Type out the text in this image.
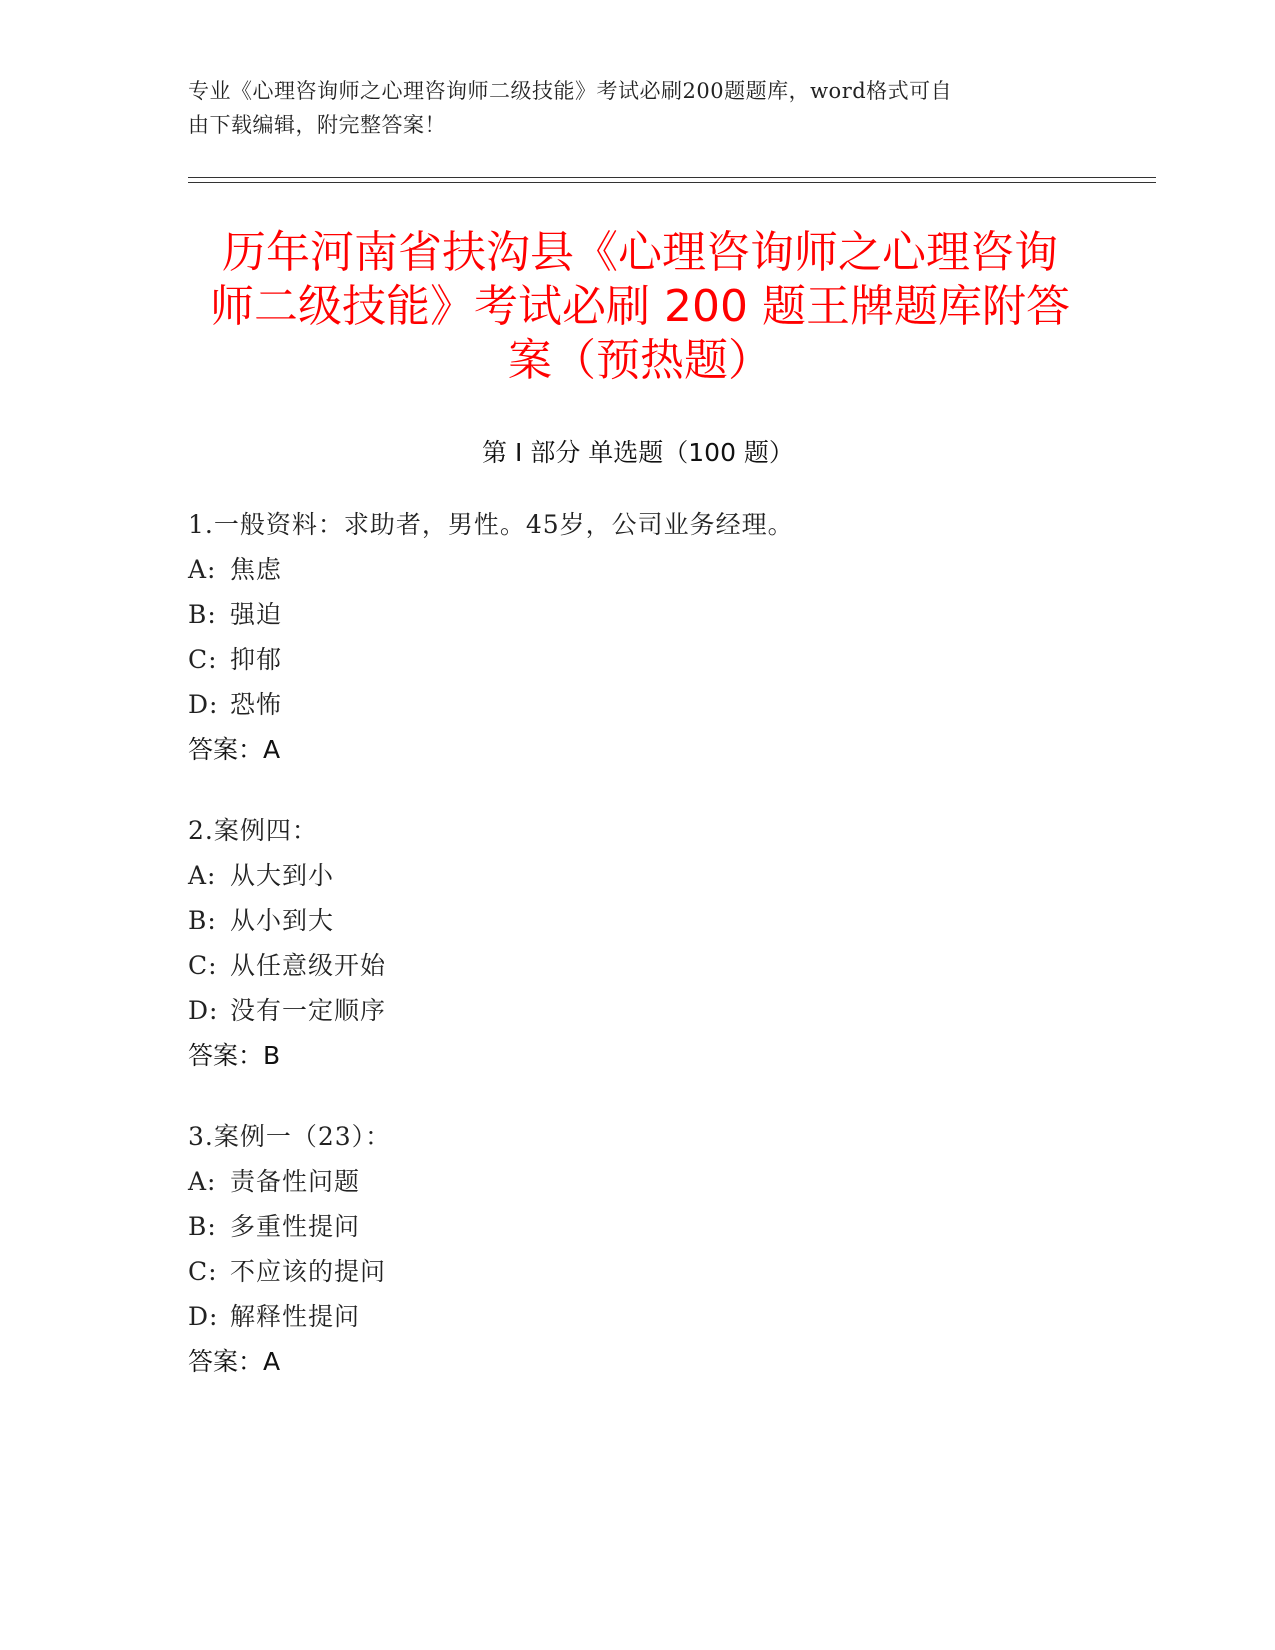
专业《心理咨询师之心理咨询师二级技能》考试必刷200题题库，word格式可自
由下载编辑，附完整答案！
历年河南省扶沟县《心理咨询师之心理咨询
师二级技能》考试必刷 200 题王牌题库附答
案（预热题）
第 I 部分 单选题（100 题）
1.一般资料：求助者，男性。45岁，公司业务经理。
A: 焦虑
B: 强迫
C: 抑郁
D: 恐怖
答案：A
2.案例四：
A: 从大到小
B: 从小到大
C: 从任意级开始
D: 没有一定顺序
答案：B
3.案例一（23）：
A: 责备性问题
B: 多重性提问
C: 不应该的提问
D: 解释性提问
答案：A
